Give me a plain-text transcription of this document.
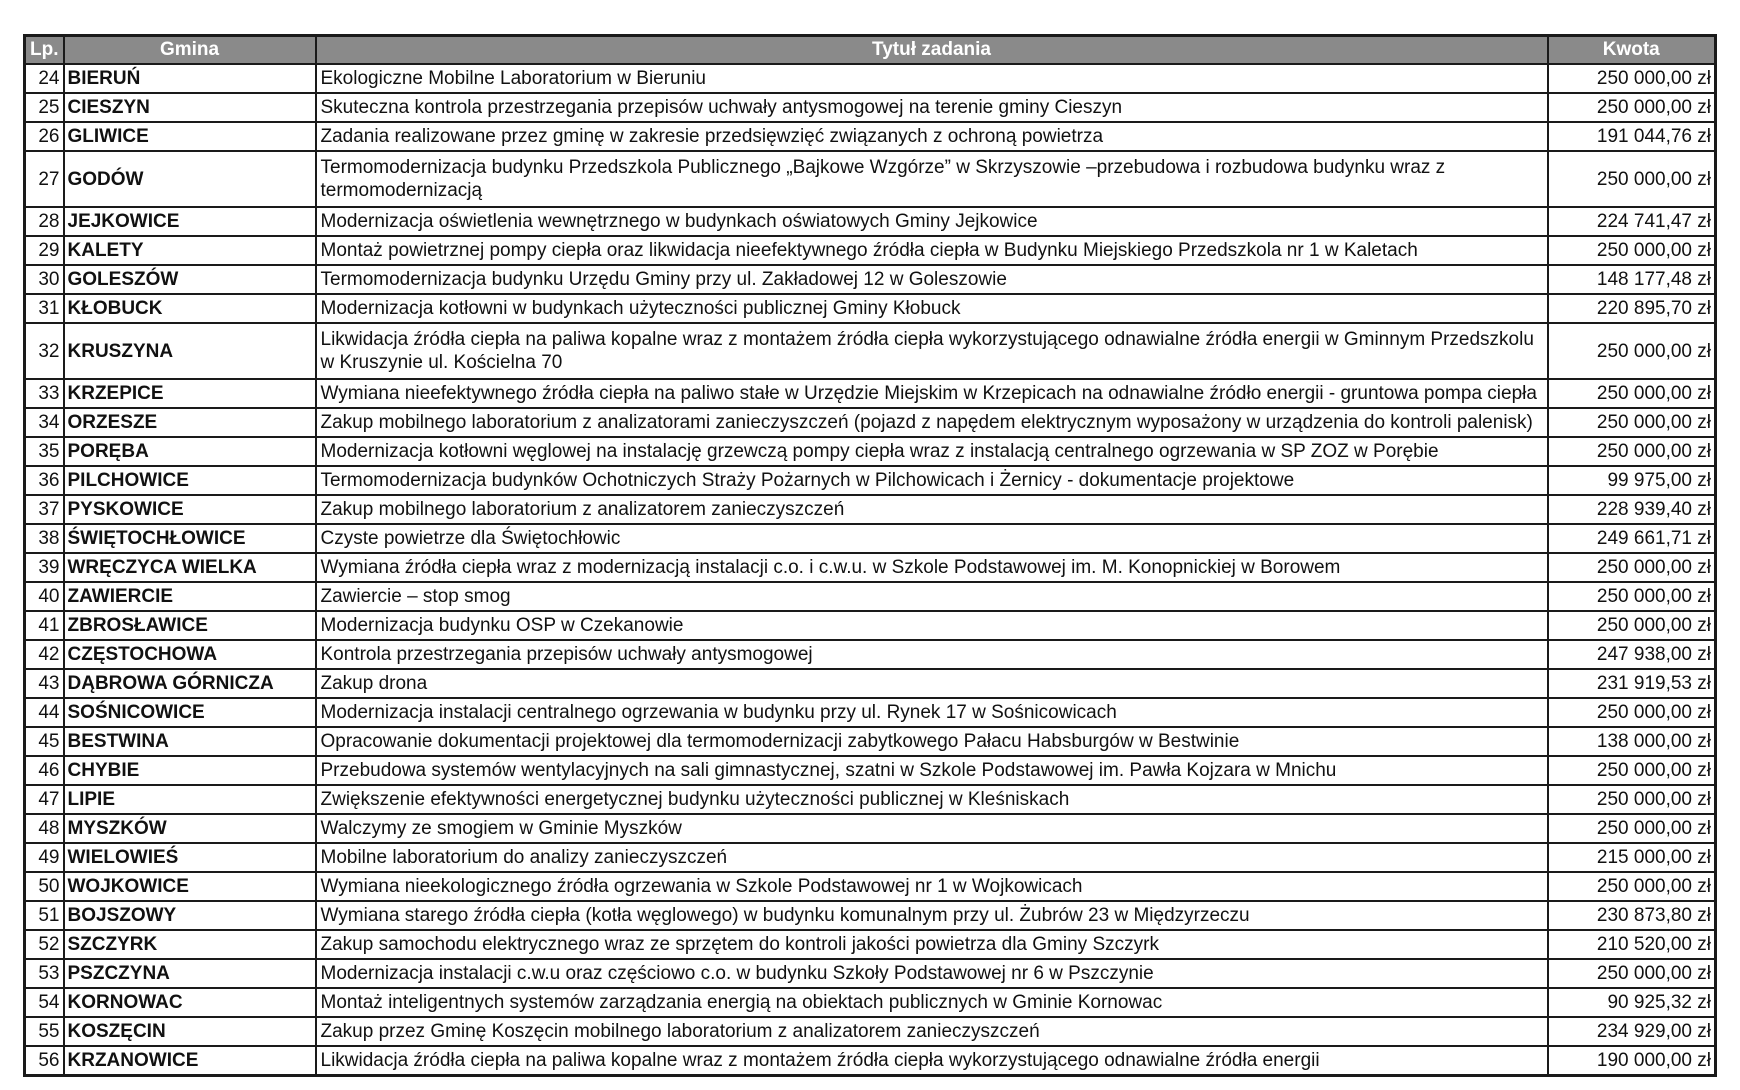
Lp.	Gmina	Tytuł zadania	Kwota
24	BIERUŃ	Ekologiczne Mobilne Laboratorium w Bieruniu	250 000,00 zł
25	CIESZYN	Skuteczna kontrola przestrzegania przepisów uchwały antysmogowej na terenie gminy Cieszyn	250 000,00 zł
26	GLIWICE	Zadania realizowane przez gminę w zakresie przedsięwzięć związanych z ochroną powietrza	191 044,76 zł
27	GODÓW	Termomodernizacja budynku Przedszkola Publicznego „Bajkowe Wzgórze” w Skrzyszowie –przebudowa i rozbudowa budynku wraz z termomodernizacją	250 000,00 zł
28	JEJKOWICE	Modernizacja oświetlenia wewnętrznego w budynkach oświatowych Gminy Jejkowice	224 741,47 zł
29	KALETY	Montaż powietrznej pompy ciepła oraz likwidacja nieefektywnego źródła ciepła w Budynku Miejskiego Przedszkola nr 1 w Kaletach	250 000,00 zł
30	GOLESZÓW	Termomodernizacja budynku Urzędu Gminy przy ul. Zakładowej 12 w Goleszowie	148 177,48 zł
31	KŁOBUCK	Modernizacja kotłowni w budynkach użyteczności publicznej Gminy Kłobuck	220 895,70 zł
32	KRUSZYNA	Likwidacja źródła ciepła na paliwa kopalne wraz z montażem źródła ciepła wykorzystującego odnawialne źródła energii w Gminnym Przedszkolu w Kruszynie ul. Kościelna 70	250 000,00 zł
33	KRZEPICE	Wymiana nieefektywnego źródła ciepła na paliwo stałe w Urzędzie Miejskim w Krzepicach na odnawialne źródło energii - gruntowa pompa ciepła	250 000,00 zł
34	ORZESZE	Zakup mobilnego laboratorium z analizatorami zanieczyszczeń (pojazd z napędem elektrycznym wyposażony w urządzenia do kontroli palenisk)	250 000,00 zł
35	PORĘBA	Modernizacja kotłowni węglowej na instalację grzewczą pompy ciepła wraz z instalacją centralnego ogrzewania w SP ZOZ w Porębie	250 000,00 zł
36	PILCHOWICE	Termomodernizacja budynków Ochotniczych Straży Pożarnych w Pilchowicach i Żernicy - dokumentacje projektowe	99 975,00 zł
37	PYSKOWICE	Zakup mobilnego laboratorium z analizatorem zanieczyszczeń	228 939,40 zł
38	ŚWIĘTOCHŁOWICE	Czyste powietrze dla Świętochłowic	249 661,71 zł
39	WRĘCZYCA WIELKA	Wymiana źródła ciepła wraz z modernizacją instalacji c.o. i c.w.u. w Szkole Podstawowej im. M. Konopnickiej w Borowem	250 000,00 zł
40	ZAWIERCIE	Zawiercie – stop smog	250 000,00 zł
41	ZBROSŁAWICE	Modernizacja budynku OSP w Czekanowie	250 000,00 zł
42	CZĘSTOCHOWA	Kontrola przestrzegania przepisów uchwały antysmogowej	247 938,00 zł
43	DĄBROWA GÓRNICZA	Zakup drona	231 919,53 zł
44	SOŚNICOWICE	Modernizacja instalacji centralnego ogrzewania w budynku przy ul. Rynek 17 w Sośnicowicach	250 000,00 zł
45	BESTWINA	Opracowanie dokumentacji projektowej dla termomodernizacji zabytkowego Pałacu Habsburgów w Bestwinie	138 000,00 zł
46	CHYBIE	Przebudowa systemów wentylacyjnych na sali gimnastycznej, szatni w Szkole Podstawowej im. Pawła Kojzara w Mnichu	250 000,00 zł
47	LIPIE	Zwiększenie efektywności energetycznej budynku użyteczności publicznej w Kleśniskach	250 000,00 zł
48	MYSZKÓW	Walczymy ze smogiem w Gminie Myszków	250 000,00 zł
49	WIELOWIEŚ	Mobilne laboratorium do analizy zanieczyszczeń	215 000,00 zł
50	WOJKOWICE	Wymiana nieekologicznego źródła ogrzewania w Szkole Podstawowej nr 1 w Wojkowicach	250 000,00 zł
51	BOJSZOWY	Wymiana starego źródła ciepła (kotła węglowego) w budynku komunalnym przy ul. Żubrów 23 w Międzyrzeczu	230 873,80 zł
52	SZCZYRK	Zakup samochodu elektrycznego wraz ze sprzętem do kontroli jakości powietrza dla Gminy Szczyrk	210 520,00 zł
53	PSZCZYNA	Modernizacja instalacji c.w.u oraz częściowo c.o. w budynku Szkoły Podstawowej nr 6 w Pszczynie	250 000,00 zł
54	KORNOWAC	Montaż inteligentnych systemów zarządzania energią na obiektach publicznych w Gminie Kornowac	90 925,32 zł
55	KOSZĘCIN	Zakup przez Gminę Koszęcin mobilnego laboratorium z analizatorem zanieczyszczeń	234 929,00 zł
56	KRZANOWICE	Likwidacja źródła ciepła na paliwa kopalne wraz z montażem źródła ciepła wykorzystującego odnawialne źródła energii	190 000,00 zł
